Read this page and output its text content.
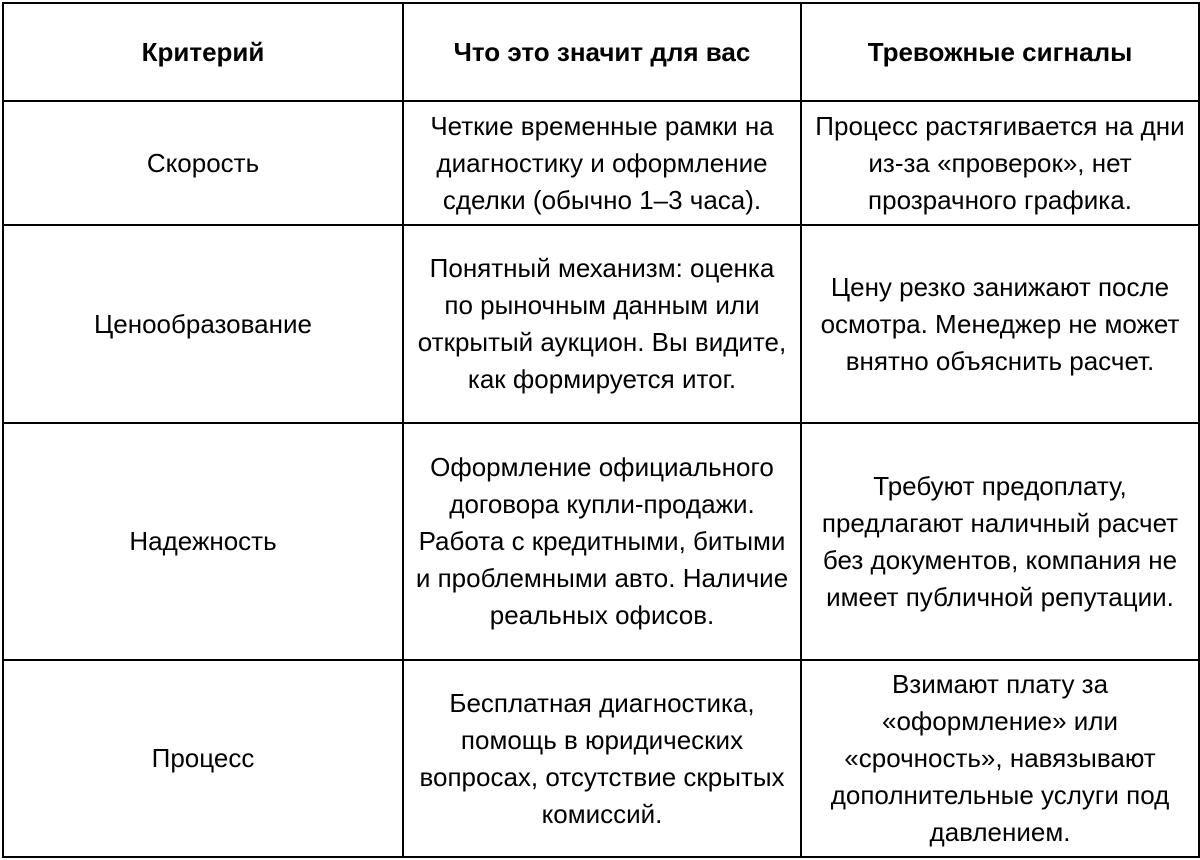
Критерий	Что это значит для вас	Тревожные сигналы
Скорость	Четкие временные рамки на диагностику и оформление сделки (обычно 1–3 часа).	Процесс растягивается на дни из-за «проверок», нет прозрачного графика.
Ценообразование	Понятный механизм: оценка по рыночным данным или открытый аукцион. Вы видите, как формируется итог.	Цену резко занижают после осмотра. Менеджер не может внятно объяснить расчет.
Надежность	Оформление официального договора купли-продажи. Работа с кредитными, битыми и проблемными авто. Наличие реальных офисов.	Требуют предоплату, предлагают наличный расчет без документов, компания не имеет публичной репутации.
Процесс	Бесплатная диагностика, помощь в юридических вопросах, отсутствие скрытых комиссий.	Взимают плату за «оформление» или «срочность», навязывают дополнительные услуги под давлением.
